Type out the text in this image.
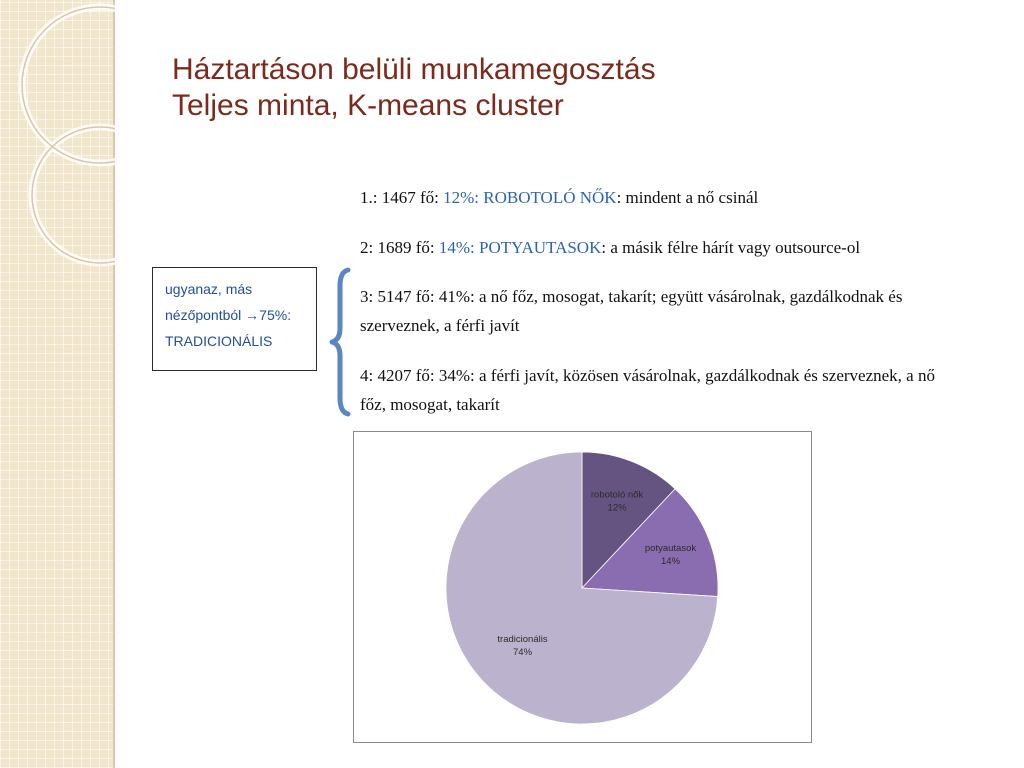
Háztartáson belüli munkamegosztás
Teljes minta, K-means cluster
1.: 1467 fő: 12%: ROBOTOLÓ NŐK: mindent a nő csinál
2: 1689 fő: 14%: POTYAUTASOK: a másik félre hárít vagy outsource-ol
3: 5147 fő: 41%: a nő főz, mosogat, takarít; együtt vásárolnak, gazdálkodnak és szerveznek, a férfi javít
4: 4207 fő: 34%: a férfi javít, közösen vásárolnak, gazdálkodnak és szerveznek, a nő főz, mosogat, takarít
ugyanaz, más
nézőpontból →75%:
TRADICIONÁLIS
robotoló nők
12%
potyautasok
14%
tradicionális
74%
